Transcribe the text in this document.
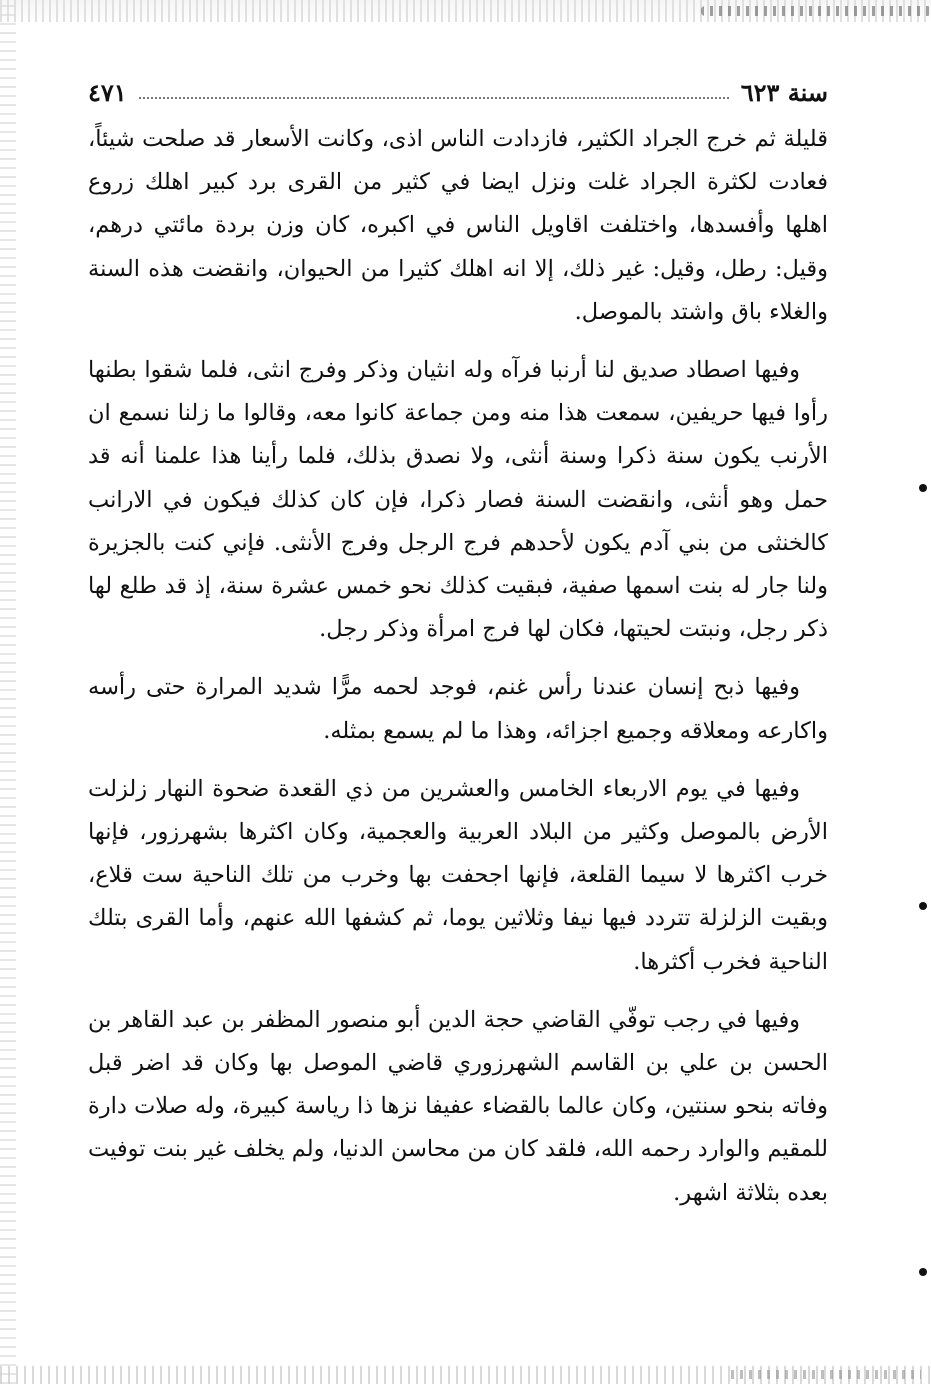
سنة ٦٢٣
٤٧١

قليلة ثم خرج الجراد الكثير، فازدادت الناس اذى، وكانت الأسعار قد صلحت شيئاً، فعادت لكثرة الجراد غلت ونزل ايضا في كثير من القرى برد كبير اهلك زروع اهلها وأفسدها، واختلفت اقاويل الناس في اكبره، كان وزن بردة مائتي درهم، وقيل: رطل، وقيل: غير ذلك، إلا انه اهلك كثيرا من الحيوان، وانقضت هذه السنة والغلاء باق واشتد بالموصل.

وفيها اصطاد صديق لنا أرنبا فرآه وله انثيان وذكر وفرج انثى، فلما شقوا بطنها رأوا فيها حريفين، سمعت هذا منه ومن جماعة كانوا معه، وقالوا ما زلنا نسمع ان الأرنب يكون سنة ذكرا وسنة أنثى، ولا نصدق بذلك، فلما رأينا هذا علمنا أنه قد حمل وهو أنثى، وانقضت السنة فصار ذكرا، فإن كان كذلك فيكون في الارانب كالخنثى من بني آدم يكون لأحدهم فرج الرجل وفرج الأنثى. فإني كنت بالجزيرة ولنا جار له بنت اسمها صفية، فبقيت كذلك نحو خمس عشرة سنة، إذ قد طلع لها ذكر رجل، ونبتت لحيتها، فكان لها فرج امرأة وذكر رجل.

وفيها ذبح إنسان عندنا رأس غنم، فوجد لحمه مرًّا شديد المرارة حتى رأسه واكارعه ومعلاقه وجميع اجزائه، وهذا ما لم يسمع بمثله.

وفيها في يوم الاربعاء الخامس والعشرين من ذي القعدة ضحوة النهار زلزلت الأرض بالموصل وكثير من البلاد العربية والعجمية، وكان اكثرها بشهرزور، فإنها خرب اكثرها لا سيما القلعة، فإنها اجحفت بها وخرب من تلك الناحية ست قلاع، وبقيت الزلزلة تتردد فيها نيفا وثلاثين يوما، ثم كشفها الله عنهم، وأما القرى بتلك الناحية فخرب أكثرها.

وفيها في رجب توفّي القاضي حجة الدين أبو منصور المظفر بن عبد القاهر بن الحسن بن علي بن القاسم الشهرزوري قاضي الموصل بها وكان قد اضر قبل وفاته بنحو سنتين، وكان عالما بالقضاء عفيفا نزها ذا رياسة كبيرة، وله صلات دارة للمقيم والوارد رحمه الله، فلقد كان من محاسن الدنيا، ولم يخلف غير بنت توفيت بعده بثلاثة اشهر.
